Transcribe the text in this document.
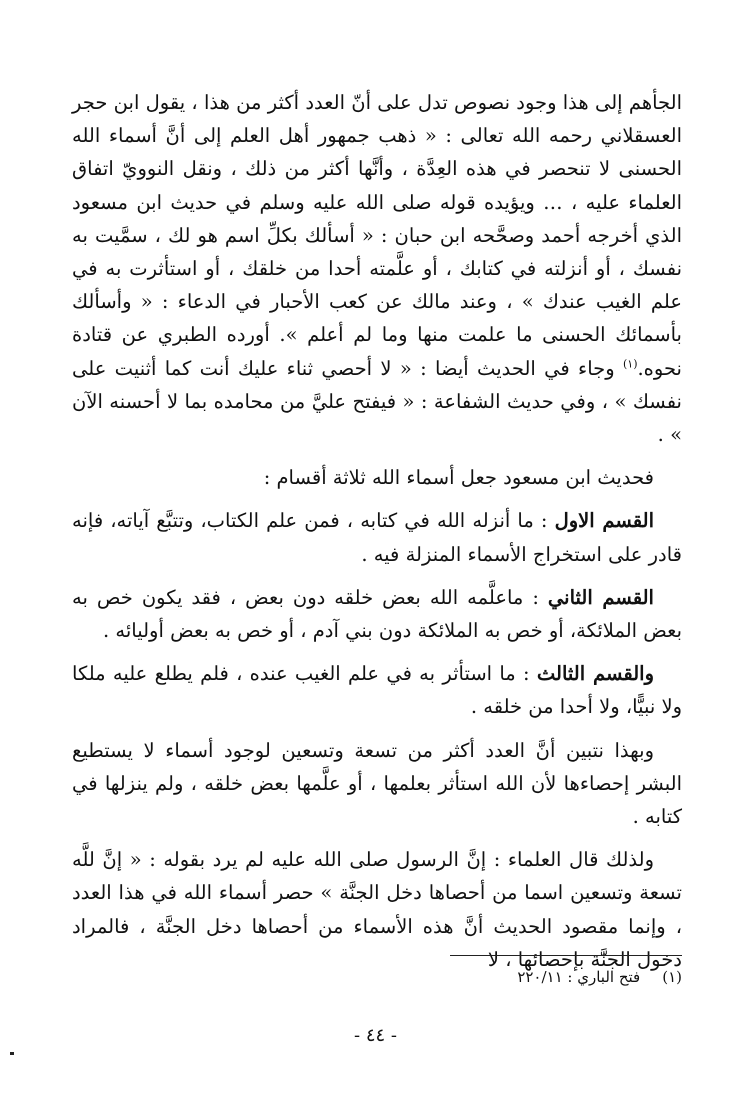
الجأهم إلى هذا وجود نصوص تدل على أنّ العدد أكثر من هذا ، يقول ابن حجر العسقلاني رحمه الله تعالى : « ذهب جمهور أهل العلم إلى أنَّ أسماء الله الحسنى لا تنحصر في هذه العِدَّة ، وأنَّها أكثر من ذلك ، ونقل النوويّ اتفاق العلماء عليه ، … ويؤيده قوله صلى الله عليه وسلم في حديث ابن مسعود الذي أخرجه أحمد وصحَّحه ابن حبان : « أسألك بكلِّ اسم هو لك ، سمَّيت به نفسك ، أو أنزلته في كتابك ، أو علَّمته أحدا من خلقك ، أو استأثرت به في علم الغيب عندك » ، وعند مالك عن كعب الأحبار في الدعاء : « وأسألك بأسمائك الحسنى ما علمت منها وما لم أعلم ». أورده الطبري عن قتادة نحوه.$^{(١)}$ وجاء في الحديث أيضا : « لا أحصي ثناء عليك أنت كما أثنيت على نفسك » ، وفي حديث الشفاعة : « فيفتح عليَّ من محامده بما لا أحسنه الآن » .

فحديث ابن مسعود جعل أسماء الله ثلاثة أقسام :

القسم الاول : ما أنزله الله في كتابه ، فمن علم الكتاب، وتتبَّع آياته، فإنه قادر على استخراج الأسماء المنزلة فيه .

القسم الثاني : ماعلَّمه الله بعض خلقه دون بعض ، فقد يكون خص به بعض الملائكة، أو خص به الملائكة دون بني آدم ، أو خص به بعض أوليائه .

والقسم الثالث : ما استأثر به في علم الغيب عنده ، فلم يطلع عليه ملكا ولا نبيًّا، ولا أحدا من خلقه .

وبهذا نتبين أنَّ العدد أكثر من تسعة وتسعين لوجود أسماء لا يستطيع البشر إحصاءها لأن الله استأثر بعلمها ، أو علَّمها بعض خلقه ، ولم ينزلها في كتابه .

ولذلك قال العلماء : إنَّ الرسول صلى الله عليه لم يرد بقوله : « إنَّ للَّه تسعة وتسعين اسما من أحصاها دخل الجنَّة » حصر أسماء الله في هذا العدد ، وإنما مقصود الحديث أنَّ هذه الأسماء من أحصاها دخل الجنَّة ، فالمراد دخول الجنَّة بإحصائها ، لا

(١)فتح الباري : ٢٢٠/١١
- ٤٤ -
